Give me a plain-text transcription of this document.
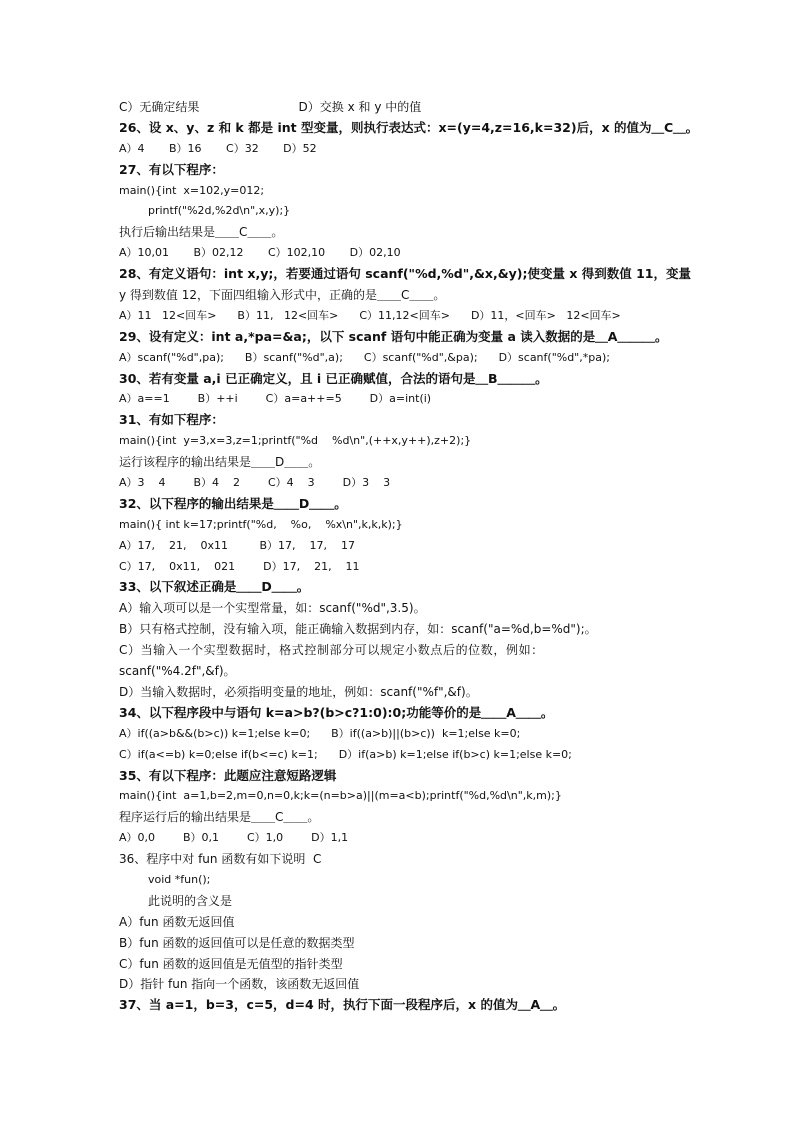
C）无确定结果                          D）交换 x 和 y 中的值
26、设 x、y、z 和 k 都是 int 型变量，则执行表达式：x=(y=4,z=16,k=32)后，x 的值为＿C＿。
A）4       B）16       C）32       D）52
27、有以下程序：
main(){int  x=102,y=012;
printf("%2d,%2d\n",x,y);}
执行后输出结果是＿＿C＿＿。
A）10,01       B）02,12       C）102,10       D）02,10
28、有定义语句：int x,y;，若要通过语句 scanf("%d,%d",&x,&y);使变量 x 得到数值 11，变量
y 得到数值 12，下面四组输入形式中，正确的是＿＿C＿＿。
A）11   12<回车>      B）11,   12<回车>      C）11,12<回车>      D）11，<回车>   12<回车>
29、设有定义：int a,*pa=&a;，以下 scanf 语句中能正确为变量 a 读入数据的是＿A＿＿＿。
A）scanf("%d",pa);      B）scanf("%d",a);      C）scanf("%d",&pa);      D）scanf("%d",*pa);
30、若有变量 a,i 已正确定义，且 i 已正确赋值，合法的语句是＿B＿＿＿。
A）a==1        B）++i        C）a=a++=5        D）a=int(i)
31、有如下程序：
main(){int  y=3,x=3,z=1;printf("%d    %d\n",(++x,y++),z+2);}
运行该程序的输出结果是＿＿D＿＿。
A）3    4        B）4    2        C）4    3        D）3    3
32、以下程序的输出结果是＿＿D＿＿。
main(){ int k=17;printf("%d,    %o,    %x\n",k,k,k);}
A）17,    21,    0x11         B）17,    17,    17
C）17,    0x11,    021        D）17,    21,    11
33、以下叙述正确是＿＿D＿＿。
A）输入项可以是一个实型常量，如：scanf("%d",3.5)。
B）只有格式控制，没有输入项，能正确输入数据到内存，如：scanf("a=%d,b=%d");。
C）当输入一个实型数据时，格式控制部分可以规定小数点后的位数，例如：
scanf("%4.2f",&f)。
D）当输入数据时，必须指明变量的地址，例如：scanf("%f",&f)。
34、以下程序段中与语句 k=a>b?(b>c?1:0):0;功能等价的是＿＿A＿＿。
A）if((a>b&&(b>c)) k=1;else k=0;      B）if((a>b)||(b>c))  k=1;else k=0;
C）if(a<=b) k=0;else if(b<=c) k=1;      D）if(a>b) k=1;else if(b>c) k=1;else k=0;
35、有以下程序：此题应注意短路逻辑
main(){int  a=1,b=2,m=0,n=0,k;k=(n=b>a)||(m=a<b);printf("%d,%d\n",k,m);}
程序运行后的输出结果是＿＿C＿＿。
A）0,0        B）0,1        C）1,0        D）1,1
36、程序中对 fun 函数有如下说明  C
void *fun();
此说明的含义是
A）fun 函数无返回值
B）fun 函数的返回值可以是任意的数据类型
C）fun 函数的返回值是无值型的指针类型
D）指针 fun 指向一个函数，该函数无返回值
37、当 a=1，b=3，c=5，d=4 时，执行下面一段程序后，x 的值为＿A＿。
